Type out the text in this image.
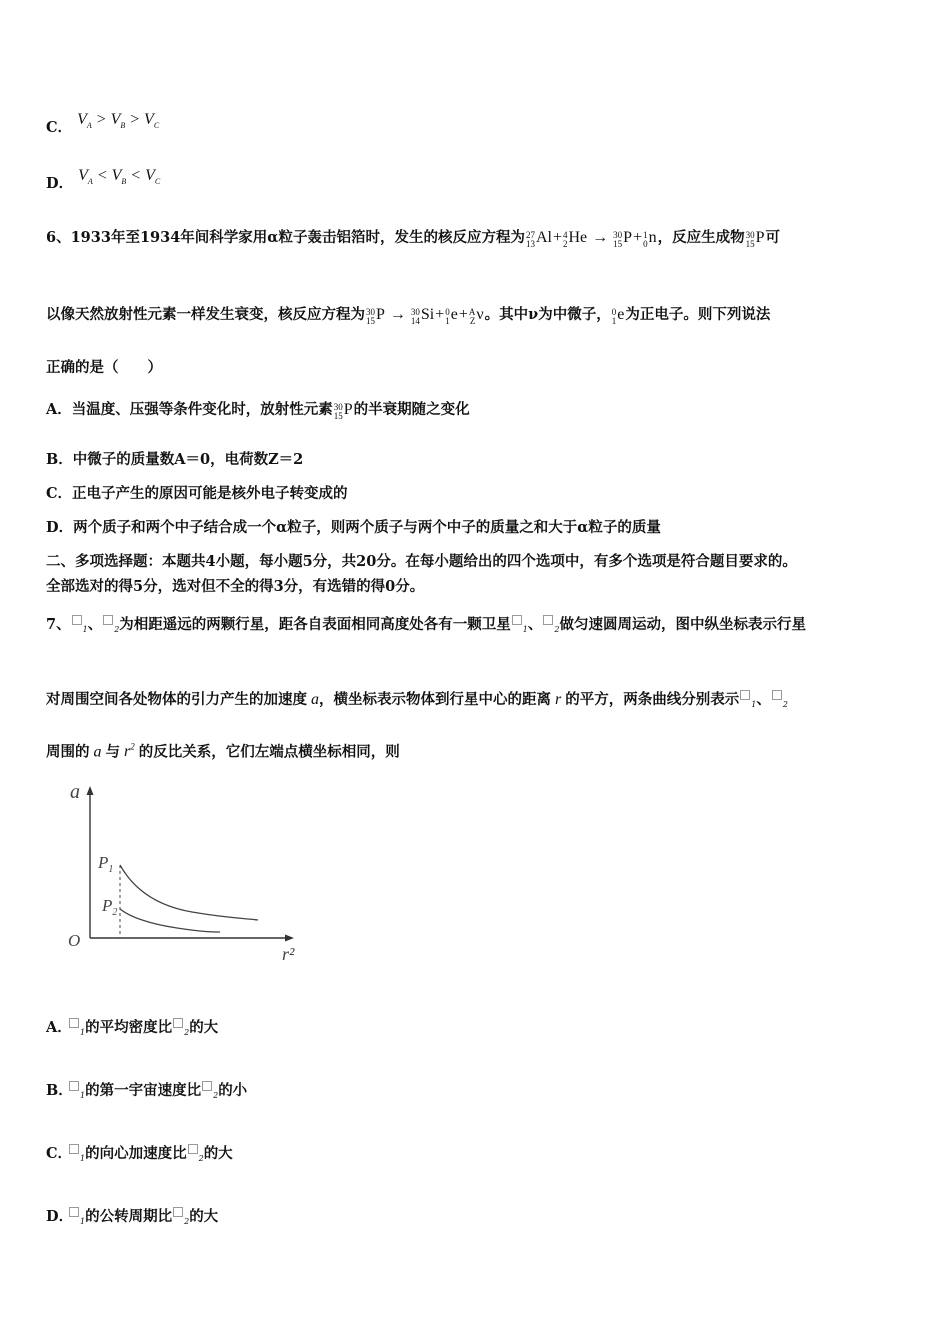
C． $V_A > V_B > V_C$
D． $V_A < V_B < V_C$
6、1933年至1934年间科学家用α粒子轰击铝箔时，发生的核反应方程为 27
13 Al+ 4
2 He → 30
15 P+ 1
0 n，反应生成物 30
15 P可
以像天然放射性元素一样发生衰变，核反应方程为 30
15 P → 30
14 Si+ 0
1 e+ A
Z ν。其中ν为中微子， 0
1 e为正电子。则下列说法
正确的是（　　）
A．当温度、压强等条件变化时，放射性元素 30
15 P的半衰期随之变化
B．中微子的质量数A＝0，电荷数Z＝2
C．正电子产生的原因可能是核外电子转变成的
D．两个质子和两个中子结合成一个α粒子，则两个质子与两个中子的质量之和大于α粒子的质量
二、多项选择题：本题共4小题，每小题5分，共20分。在每小题给出的四个选项中，有多个选项是符合题目要求的。
全部选对的得5分，选对但不全的得3分，有选错的得0分。
7、 $_1$、 $_2$为相距遥远的两颗行星，距各自表面相同高度处各有一颗卫星 $_1$、 $_2$做匀速圆周运动，图中纵坐标表示行星
对周围空间各处物体的引力产生的加速度 a，横坐标表示物体到行星中心的距离 r 的平方，两条曲线分别表示 $_1$、 $_2$
周围的 a 与 $r^2$ 的反比关系，它们左端点横坐标相同，则
a
r²
O
$P_1$
$P_2$
A． $_1$的平均密度比 $_2$的大
B． $_1$的第一宇宙速度比 $_2$的小
C． $_1$的向心加速度比 $_2$的大
D． $_1$的公转周期比 $_2$的大
